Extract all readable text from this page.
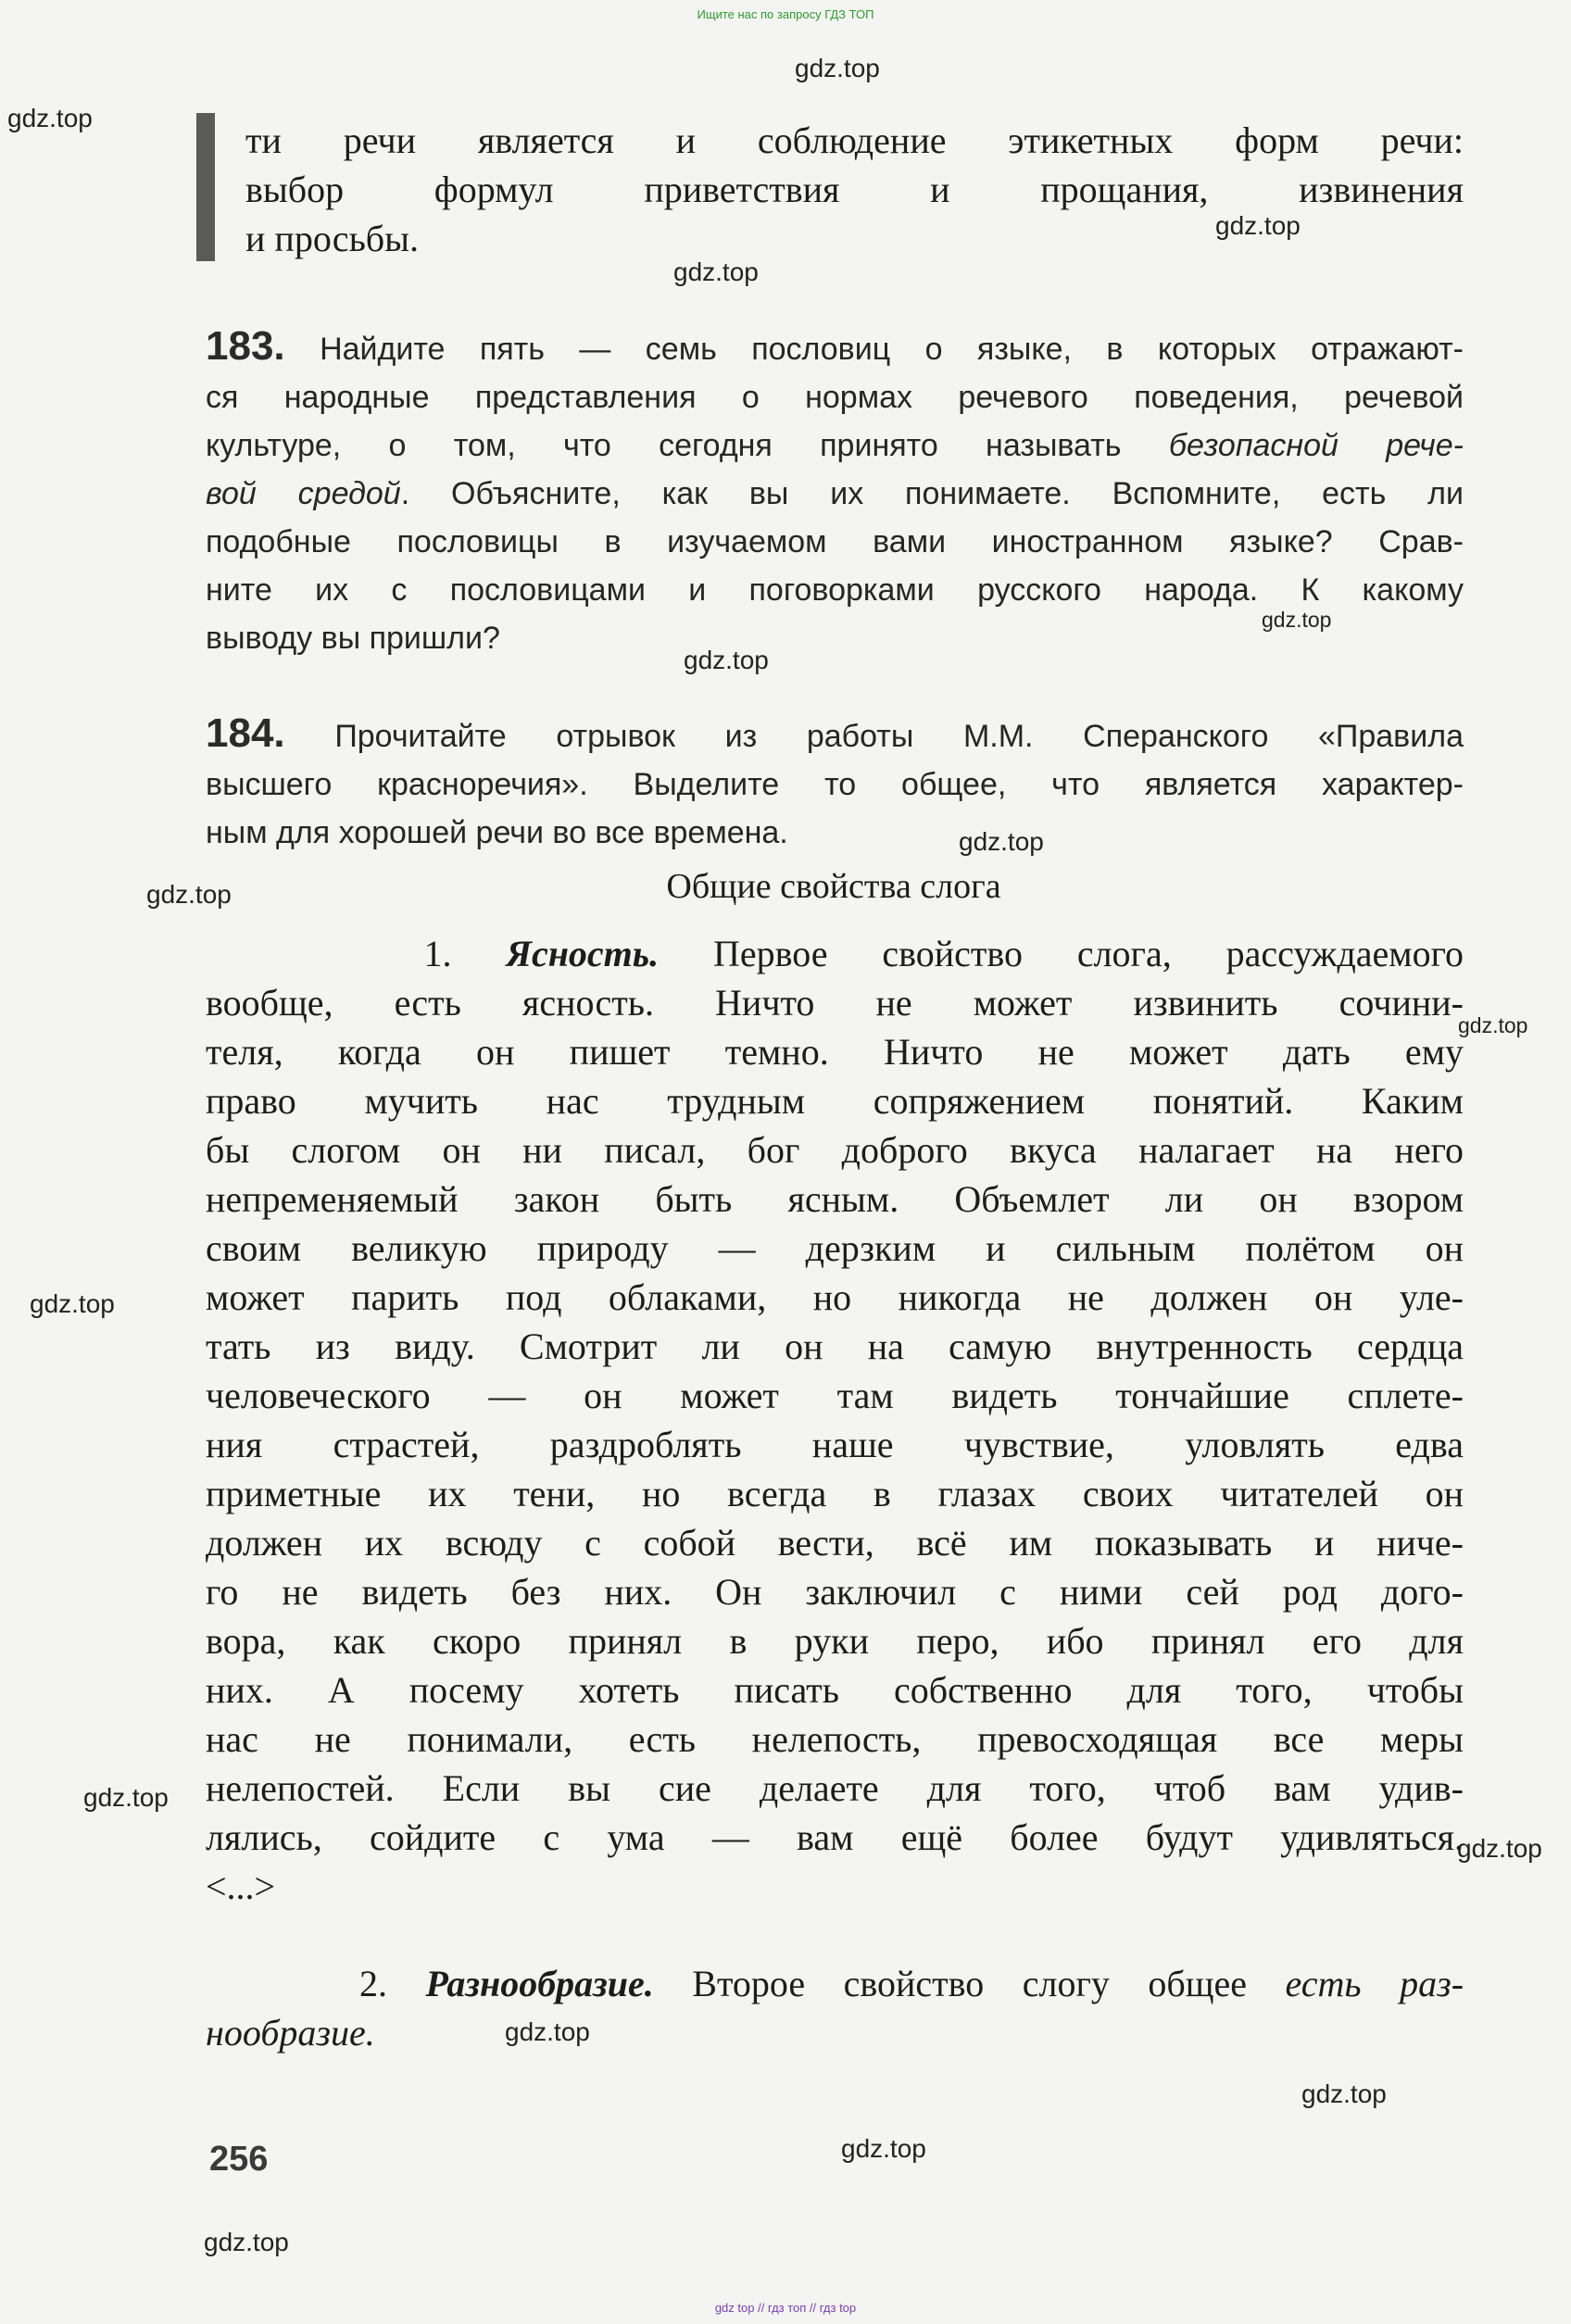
Ищите нас по запросу ГДЗ ТОП
gdz.top
gdz.top
gdz.top
gdz.top
gdz.top
gdz.top
gdz.top
gdz.top
gdz.top
gdz.top
gdz.top
gdz.top
gdz.top
gdz.top
gdz.top
gdz.top
ти речи является и соблюдение этикетных форм речи:
выбор формул приветствия и прощания, извинения
и просьбы.
183. Найдите пять — семь пословиц о языке, в которых отражают-
ся народные представления о нормах речевого поведения, речевой
культуре, о том, что сегодня принято называть безопасной рече-
вой средой. Объясните, как вы их понимаете. Вспомните, есть ли
подобные пословицы в изучаемом вами иностранном языке? Срав-
ните их с пословицами и поговорками русского народа. К какому
выводу вы пришли?
184. Прочитайте отрывок из работы М.М. Сперанского «Правила
высшего красноречия». Выделите то общее, что является характер-
ным для хорошей речи во все времена.
Общие свойства слога
1. Ясность. Первое свойство слога, рассуждаемого
вообще, есть ясность. Ничто не может извинить сочини-
теля, когда он пишет темно. Ничто не может дать ему
право мучить нас трудным сопряжением понятий. Каким
бы слогом он ни писал, бог доброго вкуса налагает на него
непременяемый закон быть ясным. Объемлет ли он взором
своим великую природу — дерзким и сильным полётом он
может парить под облаками, но никогда не должен он уле-
тать из виду. Смотрит ли он на самую внутренность сердца
человеческого — он может там видеть тончайшие сплете-
ния страстей, раздроблять наше чувствие, уловлять едва
приметные их тени, но всегда в глазах своих читателей он
должен их всюду с собой вести, всё им показывать и ниче-
го не видеть без них. Он заключил с ними сей род дого-
вора, как скоро принял в руки перо, ибо принял его для
них. А посему хотеть писать собственно для того, чтобы
нас не понимали, есть нелепость, превосходящая все меры
нелепостей. Если вы сие делаете для того, чтоб вам удив-
лялись, сойдите с ума — вам ещё более будут удивляться.
<...>
2. Разнообразие. Второе свойство слогу общее есть раз-
нообразие.
256
gdz top // гдз топ // гдз top
